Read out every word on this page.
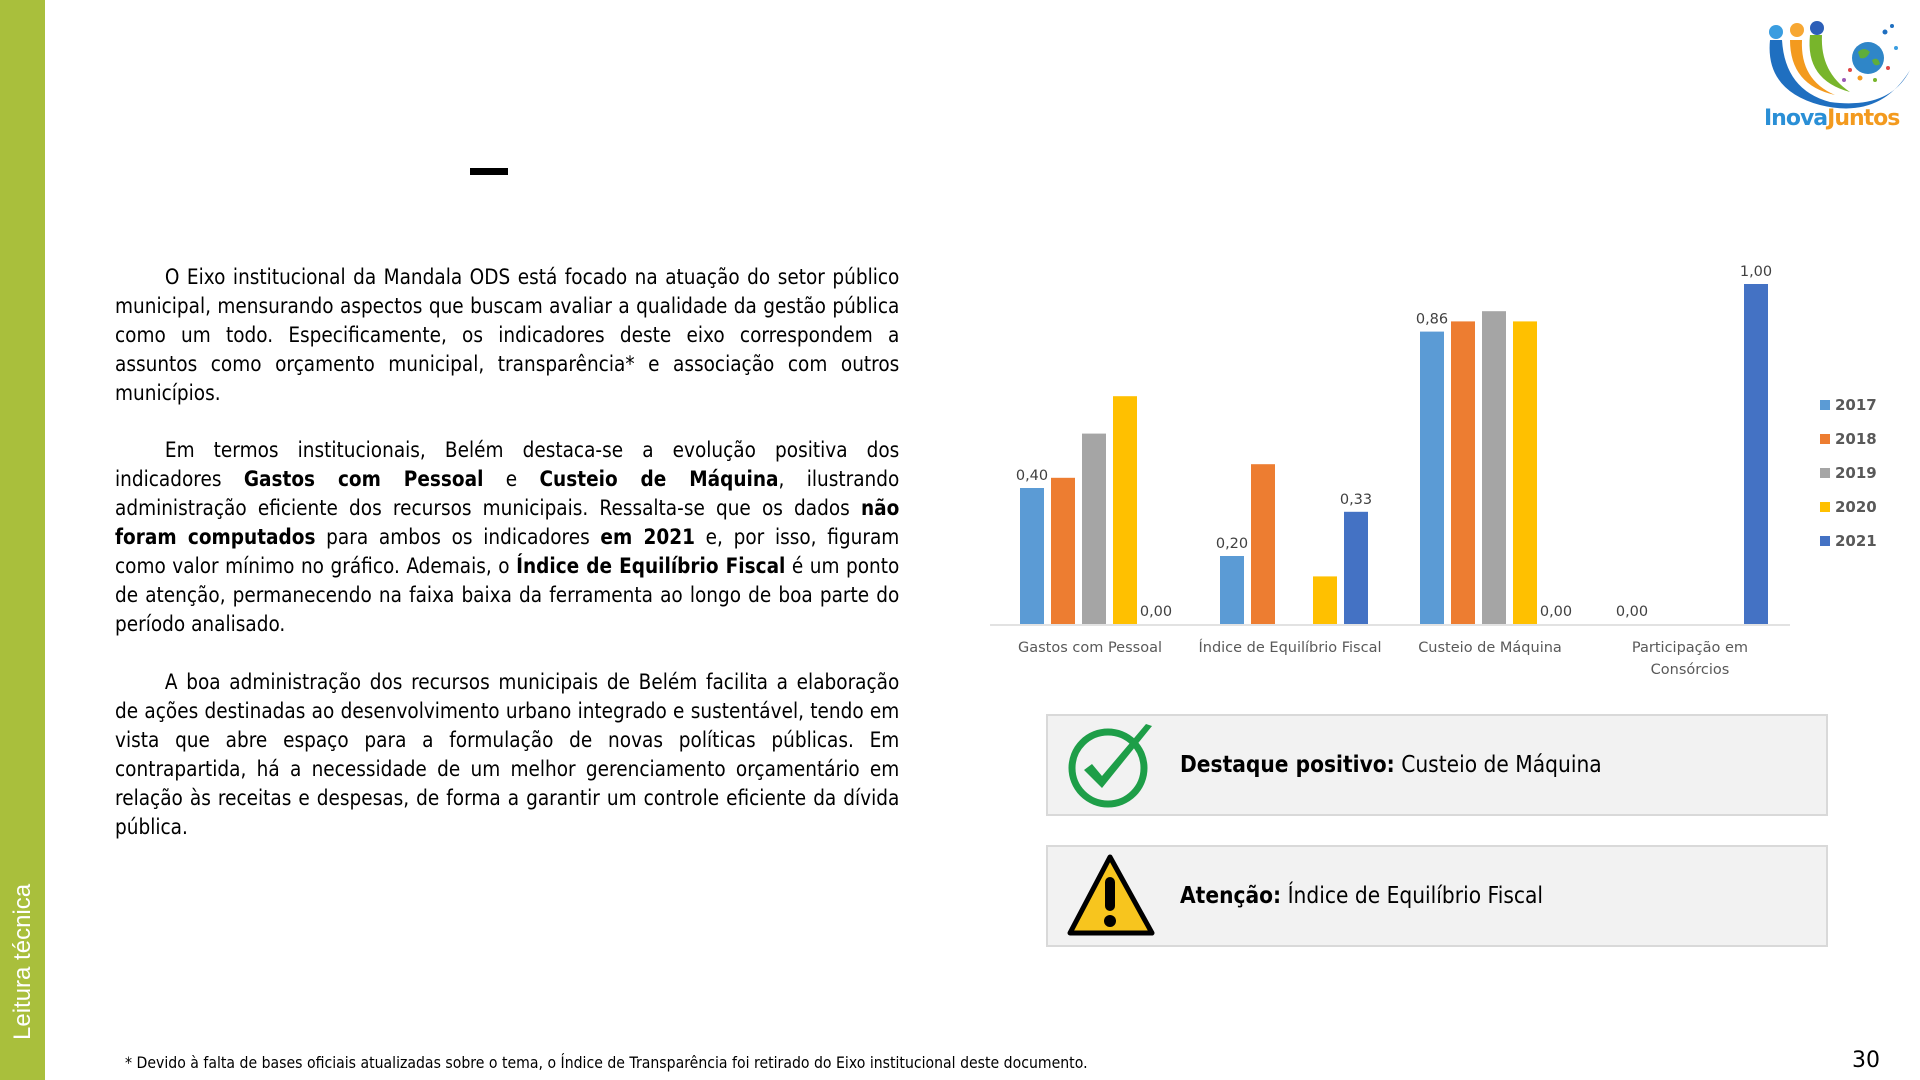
Leitura técnica
InovaJuntos

O Eixo institucional da Mandala ODS está focado na atuação do setor público municipal, mensurando aspectos que buscam avaliar a qualidade da gestão pública como um todo. Especificamente, os indicadores deste eixo correspondem a assuntos como orçamento municipal, transparência* e associação com outros municípios.

Em termos institucionais, Belém destaca-se a evolução positiva dos indicadores Gastos com Pessoal e Custeio de Máquina, ilustrando administração eficiente dos recursos municipais. Ressalta-se que os dados não foram computados para ambos os indicadores em 2021 e, por isso, figuram como valor mínimo no gráfico. Ademais, o Índice de Equilíbrio Fiscal é um ponto de atenção, permanecendo na faixa baixa da ferramenta ao longo de boa parte do período analisado.

A boa administração dos recursos municipais de Belém facilita a elaboração de ações destinadas ao desenvolvimento urbano integrado e sustentável, tendo em vista que abre espaço para a formulação de novas políticas públicas. Em contrapartida, há a necessidade de um melhor gerenciamento orçamentário em relação às receitas e despesas, de forma a garantir um controle eficiente da dívida pública.

Gastos com Pessoal	Índice de Equilíbrio Fiscal	Custeio de Máquina	Participação em
Consórcios
0,40
0,00
0,20
0,33
0,86
0,00	0,00
1,00
2017
2018
2019
2020
2021
Destaque positivo: Custeio de Máquina
Atenção: Índice de Equilíbrio Fiscal
* Devido à falta de bases oficiais atualizadas sobre o tema, o Índice de Transparência foi retirado do Eixo institucional deste documento.	30
